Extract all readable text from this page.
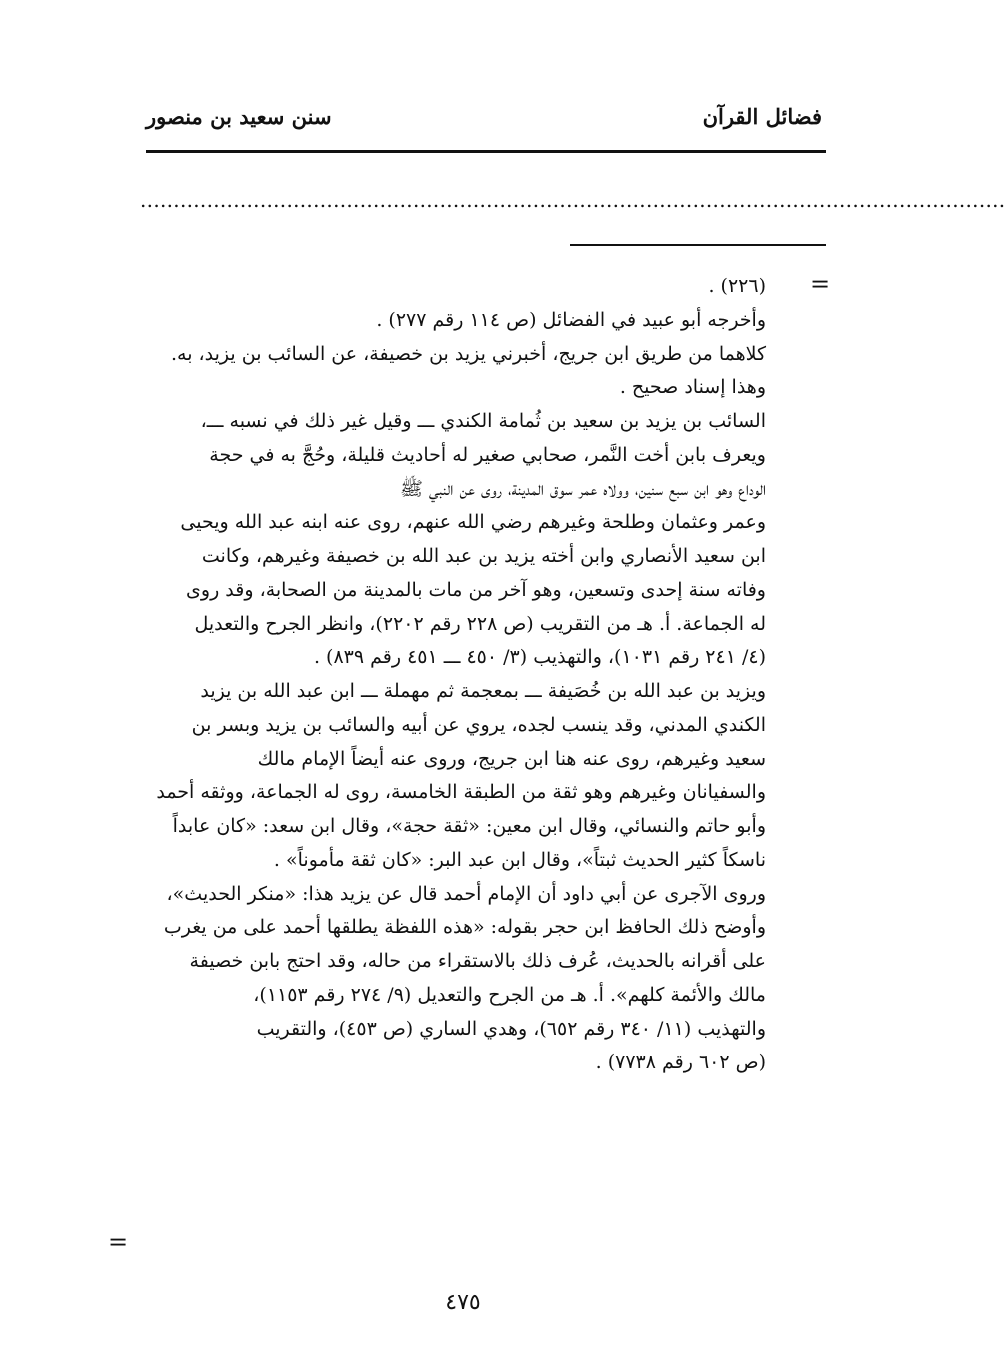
فضائل القرآن
سنن سعيد بن منصور
..................................................................................................................................
=
=
(٢٢٦) .
وأخرجه أبو عبيد في الفضائل (ص ١١٤ رقم ٢٧٧) .
كلاهما من طريق ابن جريج، أخبرني يزيد بن خصيفة، عن السائب بن يزيد، به.
وهذا إسناد صحيح .
السائب بن يزيد بن سعيد بن ثُمامة الكندي ـــ وقيل غير ذلك في نسبه ـــ،
ويعرف بابن أخت النَّمر، صحابي صغير له أحاديث قليلة، وحُجَّ به في حجة
الوداع وهو ابن سبع سنين، وولاه عمر سوق المدينة، روى عن النبي ﷺ
وعمر وعثمان وطلحة وغيرهم رضي الله عنهم، روى عنه ابنه عبد الله ويحيى
ابن سعيد الأنصاري وابن أخته يزيد بن عبد الله بن خصيفة وغيرهم، وكانت
وفاته سنة إحدى وتسعين، وهو آخر من مات بالمدينة من الصحابة، وقد روى
له الجماعة. أ. هـ من التقريب (ص ٢٢٨ رقم ٢٢٠٢)، وانظر الجرح والتعديل
(٤/ ٢٤١ رقم ١٠٣١)، والتهذيب (٣/ ٤٥٠ ـــ ٤٥١ رقم ٨٣٩) .
ويزيد بن عبد الله بن خُصَيفة ـــ بمعجمة ثم مهملة ـــ ابن عبد الله بن يزيد
الكندي المدني، وقد ينسب لجده، يروي عن أبيه والسائب بن يزيد وبسر بن
سعيد وغيرهم، روى عنه هنا ابن جريج، وروى عنه أيضاً الإمام مالك
والسفيانان وغيرهم وهو ثقة من الطبقة الخامسة، روى له الجماعة، ووثقه أحمد
وأبو حاتم والنسائي، وقال ابن معين: «ثقة حجة»، وقال ابن سعد: «كان عابداً
ناسكاً كثير الحديث ثبتاً»، وقال ابن عبد البر: «كان ثقة مأموناً» .
وروى الآجرى عن أبي داود أن الإمام أحمد قال عن يزيد هذا: «منكر الحديث»،
وأوضح ذلك الحافظ ابن حجر بقوله: «هذه اللفظة يطلقها أحمد على من يغرب
على أقرانه بالحديث، عُرف ذلك بالاستقراء من حاله، وقد احتج بابن خصيفة
مالك والأئمة كلهم». أ. هـ من الجرح والتعديل (٩/ ٢٧٤ رقم ١١٥٣)،
والتهذيب (١١/ ٣٤٠ رقم ٦٥٢)، وهدي الساري (ص ٤٥٣)، والتقريب
(ص ٦٠٢ رقم ٧٧٣٨) .
٤٧٥
